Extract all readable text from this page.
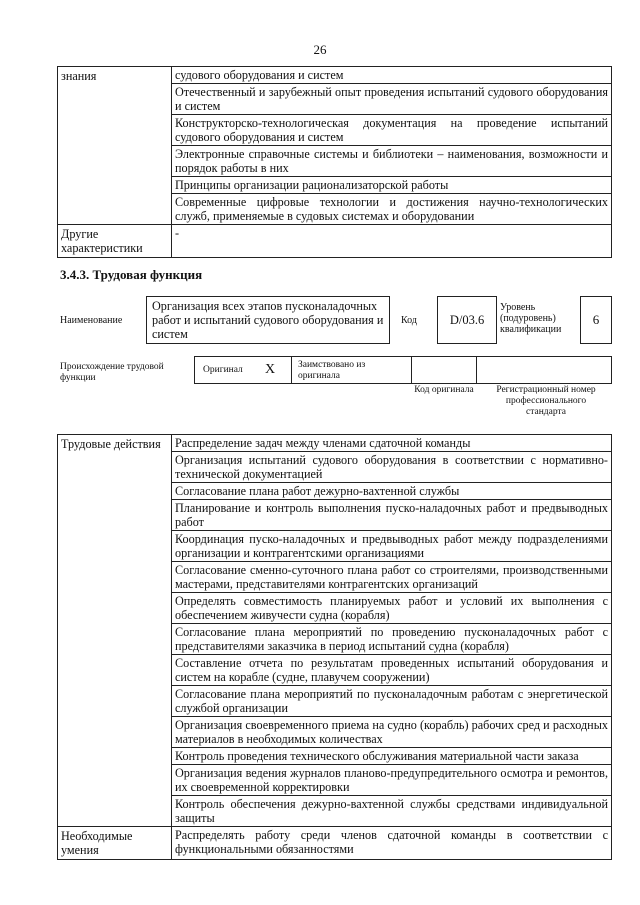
26
знания	судового оборудования и систем
	Отечественный и зарубежный опыт проведения испытаний судового оборудования и систем
	Конструкторско-технологическая документация на проведение испытаний судового оборудования и систем
	Электронные справочные системы и библиотеки – наименования, возможности и порядок работы в них
	Принципы организации рационализаторской работы
	Современные цифровые технологии и достижения научно-технологических служб, применяемые в судовых системах и оборудовании
Другие характеристики	-
3.4.3. Трудовая функция
Наименование
Организация всех этапов пусконаладочных работ и испытаний судового оборудования и систем
Код	D/03.6
Уровень (подуровень) квалификации
6
Происхождение трудовой функции
Оригинал X Заимствовано из оригинала
Код оригинала	Регистрационный номер профессионального стандарта
Трудовые действия	Распределение задач между членами сдаточной команды
	Организация испытаний судового оборудования в соответствии с нормативно-технической документацией
	Согласование плана работ дежурно-вахтенной службы
	Планирование и контроль выполнения пуско-наладочных работ и предвыводных работ
	Координация пуско-наладочных и предвыводных работ между подразделениями организации и контрагентскими организациями
	Согласование сменно-суточного плана работ со строителями, производственными мастерами, представителями контрагентских организаций
	Определять совместимость планируемых работ и условий их выполнения с обеспечением живучести судна (корабля)
	Согласование плана мероприятий по проведению пусконаладочных работ с представителями заказчика в период испытаний судна (корабля)
	Составление отчета по результатам проведенных испытаний оборудования и систем на корабле (судне, плавучем сооружении)
	Согласование плана мероприятий по пусконаладочным работам с энергетической службой организации
	Организация своевременного приема на судно (корабль) рабочих сред и расходных материалов в необходимых количествах
	Контроль проведения технического обслуживания материальной части заказа
	Организация ведения журналов планово-предупредительного осмотра и ремонтов, их своевременной корректировки
	Контроль обеспечения дежурно-вахтенной службы средствами индивидуальной защиты
Необходимые умения	Распределять работу среди членов сдаточной команды в соответствии с функциональными обязанностями
